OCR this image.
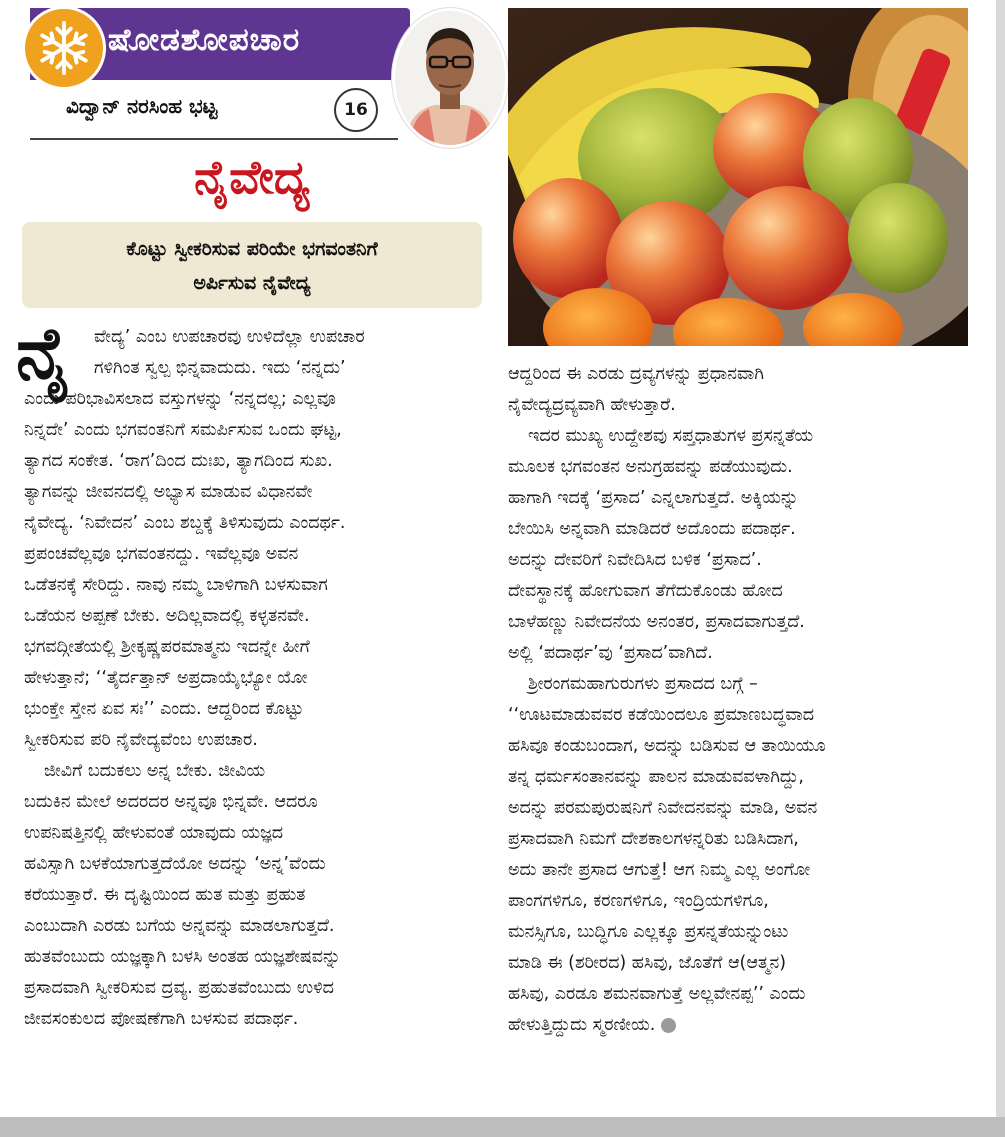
ಷೋಡಶೋಪಚಾರ
ವಿದ್ವಾನ್ ನರಸಿಂಹ ಭಟ್ಟ	16
ನೈವೇದ್ಯ
ಕೊಟ್ಟು ಸ್ವೀಕರಿಸುವ ಪರಿಯೇ ಭಗವಂತನಿಗೆ
ಅರ್ಪಿಸುವ ನೈವೇದ್ಯ
ನೈ	ವೇದ್ಯ’ ಎಂಬ ಉಪಚಾರವು ಉಳಿದೆಲ್ಲಾ ಉಪಚಾರ
ಗಳಿಗಿಂತ ಸ್ವಲ್ಪ ಭಿನ್ನವಾದುದು. ಇದು ‘ನನ್ನದು’
ಎಂದು ಪರಿಭಾವಿಸಲಾದ ವಸ್ತುಗಳನ್ನು ‘ನನ್ನದಲ್ಲ; ಎಲ್ಲವೂ
ನಿನ್ನದೇ’ ಎಂದು ಭಗವಂತನಿಗೆ ಸಮರ್ಪಿಸುವ ಒಂದು ಘಟ್ಟ,
ತ್ಯಾಗದ ಸಂಕೇತ. ‘ರಾಗ’ದಿಂದ ದುಃಖ, ತ್ಯಾಗದಿಂದ ಸುಖ.
ತ್ಯಾಗವನ್ನು ಜೀವನದಲ್ಲಿ ಅಭ್ಯಾಸ ಮಾಡುವ ವಿಧಾನವೇ
ನೈವೇದ್ಯ. ‘ನಿವೇದನ’ ಎಂಬ ಶಬ್ದಕ್ಕೆ ತಿಳಿಸುವುದು ಎಂದರ್ಥ.
ಪ್ರಪಂಚವೆಲ್ಲವೂ ಭಗವಂತನದ್ದು. ಇವೆಲ್ಲವೂ ಅವನ
ಒಡೆತನಕ್ಕೆ ಸೇರಿದ್ದು. ನಾವು ನಮ್ಮ ಬಾಳಿಗಾಗಿ ಬಳಸುವಾಗ
ಒಡೆಯನ ಅಪ್ಪಣೆ ಬೇಕು. ಅದಿಲ್ಲವಾದಲ್ಲಿ ಕಳ್ಳತನವೇ.
ಭಗವದ್ಗೀತೆಯಲ್ಲಿ ಶ್ರೀಕೃಷ್ಣಪರಮಾತ್ಮನು ಇದನ್ನೇ ಹೀಗೆ
ಹೇಳುತ್ತಾನೆ; ‘‘ತೈರ್ದತ್ತಾನ್ ಅಪ್ರದಾಯೈಭ್ಯೋ ಯೋ
ಭುಂಕ್ತೇ ಸ್ತೇನ ಏವ ಸಃ’’ ಎಂದು. ಆದ್ದರಿಂದ ಕೊಟ್ಟು
ಸ್ವೀಕರಿಸುವ ಪರಿ ನೈವೇದ್ಯವೆಂಬ ಉಪಚಾರ.
ಜೀವಿಗೆ ಬದುಕಲು ಅನ್ನ ಬೇಕು. ಜೀವಿಯ
ಬದುಕಿನ ಮೇಲೆ ಅದರದರ ಅನ್ನವೂ ಭಿನ್ನವೇ. ಆದರೂ
ಉಪನಿಷತ್ತಿನಲ್ಲಿ ಹೇಳುವಂತೆ ಯಾವುದು ಯಜ್ಞದ
ಹವಿಸ್ಸಾಗಿ ಬಳಕೆಯಾಗುತ್ತದೆಯೋ ಅದನ್ನು ‘ಅನ್ನ’ವೆಂದು
ಕರೆಯುತ್ತಾರೆ. ಈ ದೃಷ್ಟಿಯಿಂದ ಹುತ ಮತ್ತು ಪ್ರಹುತ
ಎಂಬುದಾಗಿ ಎರಡು ಬಗೆಯ ಅನ್ನವನ್ನು ಮಾಡಲಾಗುತ್ತದೆ.
ಹುತವೆಂಬುದು ಯಜ್ಞಕ್ಕಾಗಿ ಬಳಸಿ ಅಂತಹ ಯಜ್ಞಶೇಷವನ್ನು
ಪ್ರಸಾದವಾಗಿ ಸ್ವೀಕರಿಸುವ ದ್ರವ್ಯ. ಪ್ರಹುತವೆಂಬುದು ಉಳಿದ
ಜೀವಸಂಕುಲದ ಪೋಷಣೆಗಾಗಿ ಬಳಸುವ ಪದಾರ್ಥ.
ಆದ್ದರಿಂದ ಈ ಎರಡು ದ್ರವ್ಯಗಳನ್ನು ಪ್ರಧಾನವಾಗಿ
ನೈವೇದ್ಯದ್ರವ್ಯವಾಗಿ ಹೇಳುತ್ತಾರೆ.
ಇದರ ಮುಖ್ಯ ಉದ್ದೇಶವು ಸಪ್ತಧಾತುಗಳ ಪ್ರಸನ್ನತೆಯ
ಮೂಲಕ ಭಗವಂತನ ಅನುಗ್ರಹವನ್ನು ಪಡೆಯುವುದು.
ಹಾಗಾಗಿ ಇದಕ್ಕೆ ‘ಪ್ರಸಾದ’ ಎನ್ನಲಾಗುತ್ತದೆ. ಅಕ್ಕಿಯನ್ನು
ಬೇಯಿಸಿ ಅನ್ನವಾಗಿ ಮಾಡಿದರೆ ಅದೊಂದು ಪದಾರ್ಥ.
ಅದನ್ನು ದೇವರಿಗೆ ನಿವೇದಿಸಿದ ಬಳಿಕ ‘ಪ್ರಸಾದ’.
ದೇವಸ್ಥಾನಕ್ಕೆ ಹೋಗುವಾಗ ತೆಗೆದುಕೊಂಡು ಹೋದ
ಬಾಳೆಹಣ್ಣು ನಿವೇದನೆಯ ಅನಂತರ, ಪ್ರಸಾದವಾಗುತ್ತದೆ.
ಅಲ್ಲಿ ‘ಪದಾರ್ಥ’ವು ‘ಪ್ರಸಾದ’ವಾಗಿದೆ.
ಶ್ರೀರಂಗಮಹಾಗುರುಗಳು ಪ್ರಸಾದದ ಬಗ್ಗೆ –
‘‘ಊಟಮಾಡುವವರ ಕಡೆಯಿಂದಲೂ ಪ್ರಮಾಣಬದ್ಧವಾದ
ಹಸಿವೂ ಕಂಡುಬಂದಾಗ, ಅದನ್ನು ಬಡಿಸುವ ಆ ತಾಯಿಯೂ
ತನ್ನ ಧರ್ಮಸಂತಾನವನ್ನು ಪಾಲನ ಮಾಡುವವಳಾಗಿದ್ದು,
ಅದನ್ನು ಪರಮಪುರುಷನಿಗೆ ನಿವೇದನವನ್ನು ಮಾಡಿ, ಅವನ
ಪ್ರಸಾದವಾಗಿ ನಿಮಗೆ ದೇಶಕಾಲಗಳನ್ನರಿತು ಬಡಿಸಿದಾಗ,
ಅದು ತಾನೇ ಪ್ರಸಾದ ಆಗುತ್ತೆ! ಆಗ ನಿಮ್ಮ ಎಲ್ಲ ಅಂಗೋ
ಪಾಂಗಗಳಿಗೂ, ಕರಣಗಳಿಗೂ, ಇಂದ್ರಿಯಗಳಿಗೂ,
ಮನಸ್ಸಿಗೂ, ಬುದ್ಧಿಗೂ ಎಲ್ಲಕ್ಕೂ ಪ್ರಸನ್ನತೆಯನ್ನುಂಟು
ಮಾಡಿ ಈ (ಶರೀರದ) ಹಸಿವು, ಜೊತೆಗೆ ಆ(ಆತ್ಮನ)
ಹಸಿವು, ಎರಡೂ ಶಮನವಾಗುತ್ತೆ ಅಲ್ಲವೇನಪ್ಪ’’ ಎಂದು
ಹೇಳುತ್ತಿದ್ದುದು ಸ್ಮರಣೀಯ.
